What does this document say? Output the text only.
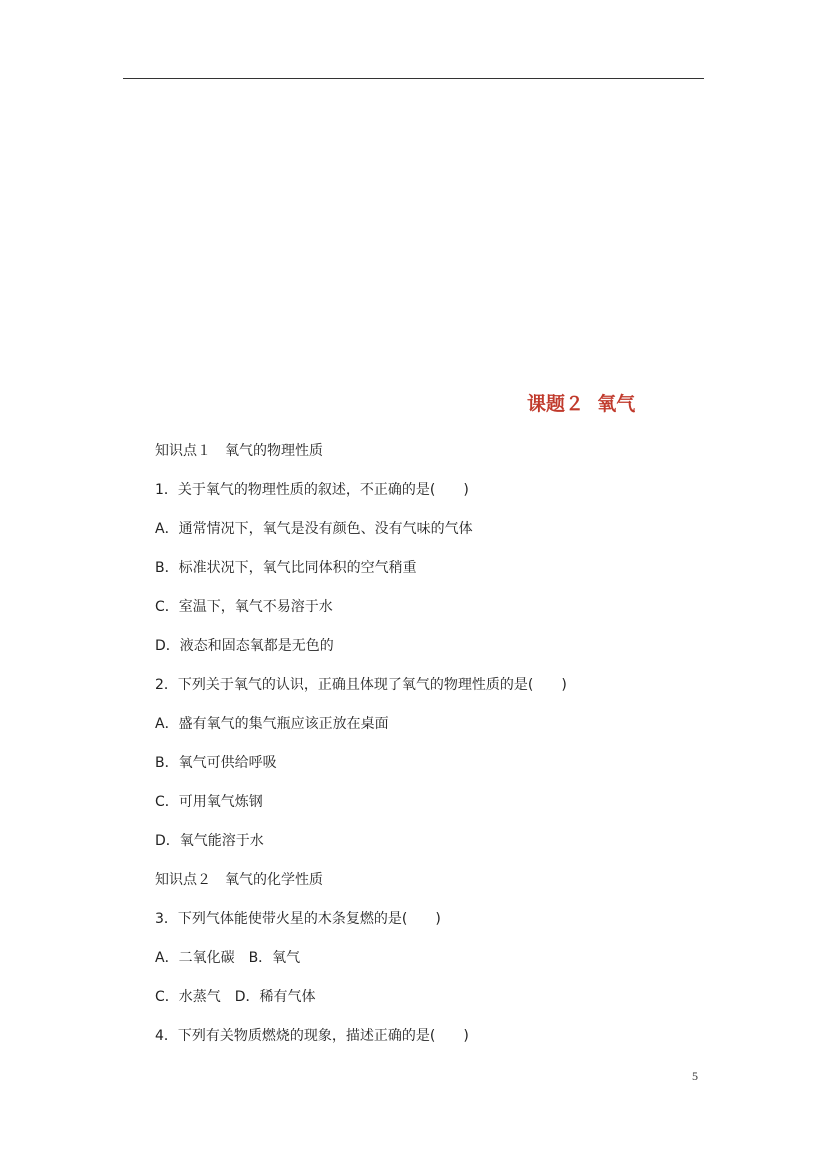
课题２  氧气
知识点１　氧气的物理性质
1．关于氧气的物理性质的叙述，不正确的是(　　)
A．通常情况下，氧气是没有颜色、没有气味的气体
B．标准状况下，氧气比同体积的空气稍重
C．室温下，氧气不易溶于水
D．液态和固态氧都是无色的
2．下列关于氧气的认识，正确且体现了氧气的物理性质的是(　　)
A．盛有氧气的集气瓶应该正放在桌面
B．氧气可供给呼吸
C．可用氧气炼钢
D．氧气能溶于水
知识点２　氧气的化学性质
3．下列气体能使带火星的木条复燃的是(　　)
A．二氧化碳　B．氧气
C．水蒸气　D．稀有气体
4．下列有关物质燃烧的现象，描述正确的是(　　)
5
